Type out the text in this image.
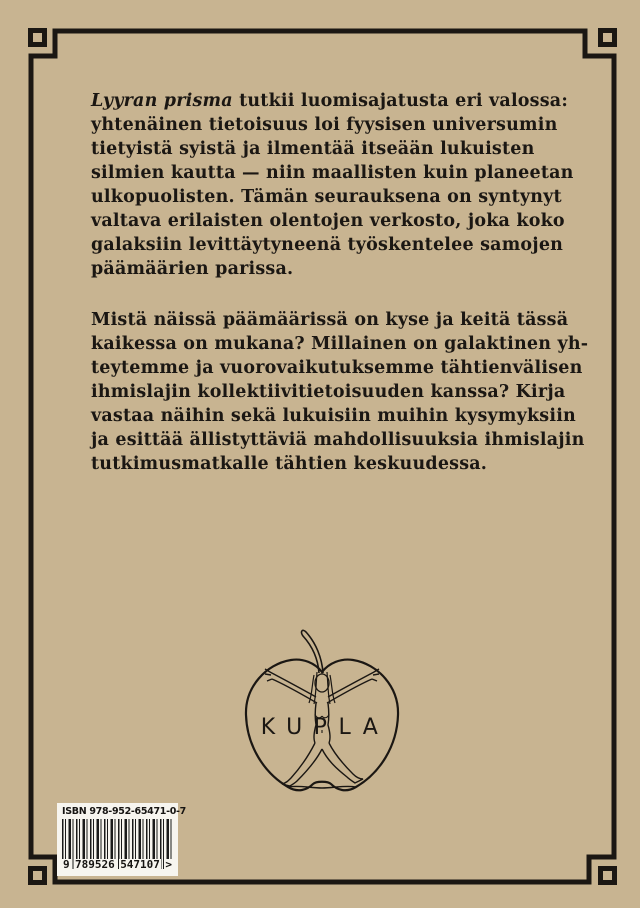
Lyyran prisma tutkii luomisajatusta eri valossa:
yhtenäinen tietoisuus loi fyysisen universumin
tietyistä syistä ja ilmentää itseään lukuisten
silmien kautta — niin maallisten kuin planeetan
ulkopuolisten. Tämän seurauksena on syntynyt
valtava erilaisten olentojen verkosto, joka koko
galaksiin levittäytyneenä työskentelee samojen
päämäärien parissa.
Mistä näissä päämäärissä on kyse ja keitä tässä
kaikessa on mukana? Millainen on galaktinen yh-
teytemme ja vuorovaikutuksemme tähtienvälisen
ihmislajin kollektiivitietoisuuden kanssa? Kirja
vastaa näihin sekä lukuisiin muihin kysymyksiin
ja esittää ällistyttäviä mahdollisuuksia ihmislajin
tutkimusmatkalle tähtien keskuudessa.
KUPLA
ISBN 978-952-65471-0-7
9 789526 547107 >
